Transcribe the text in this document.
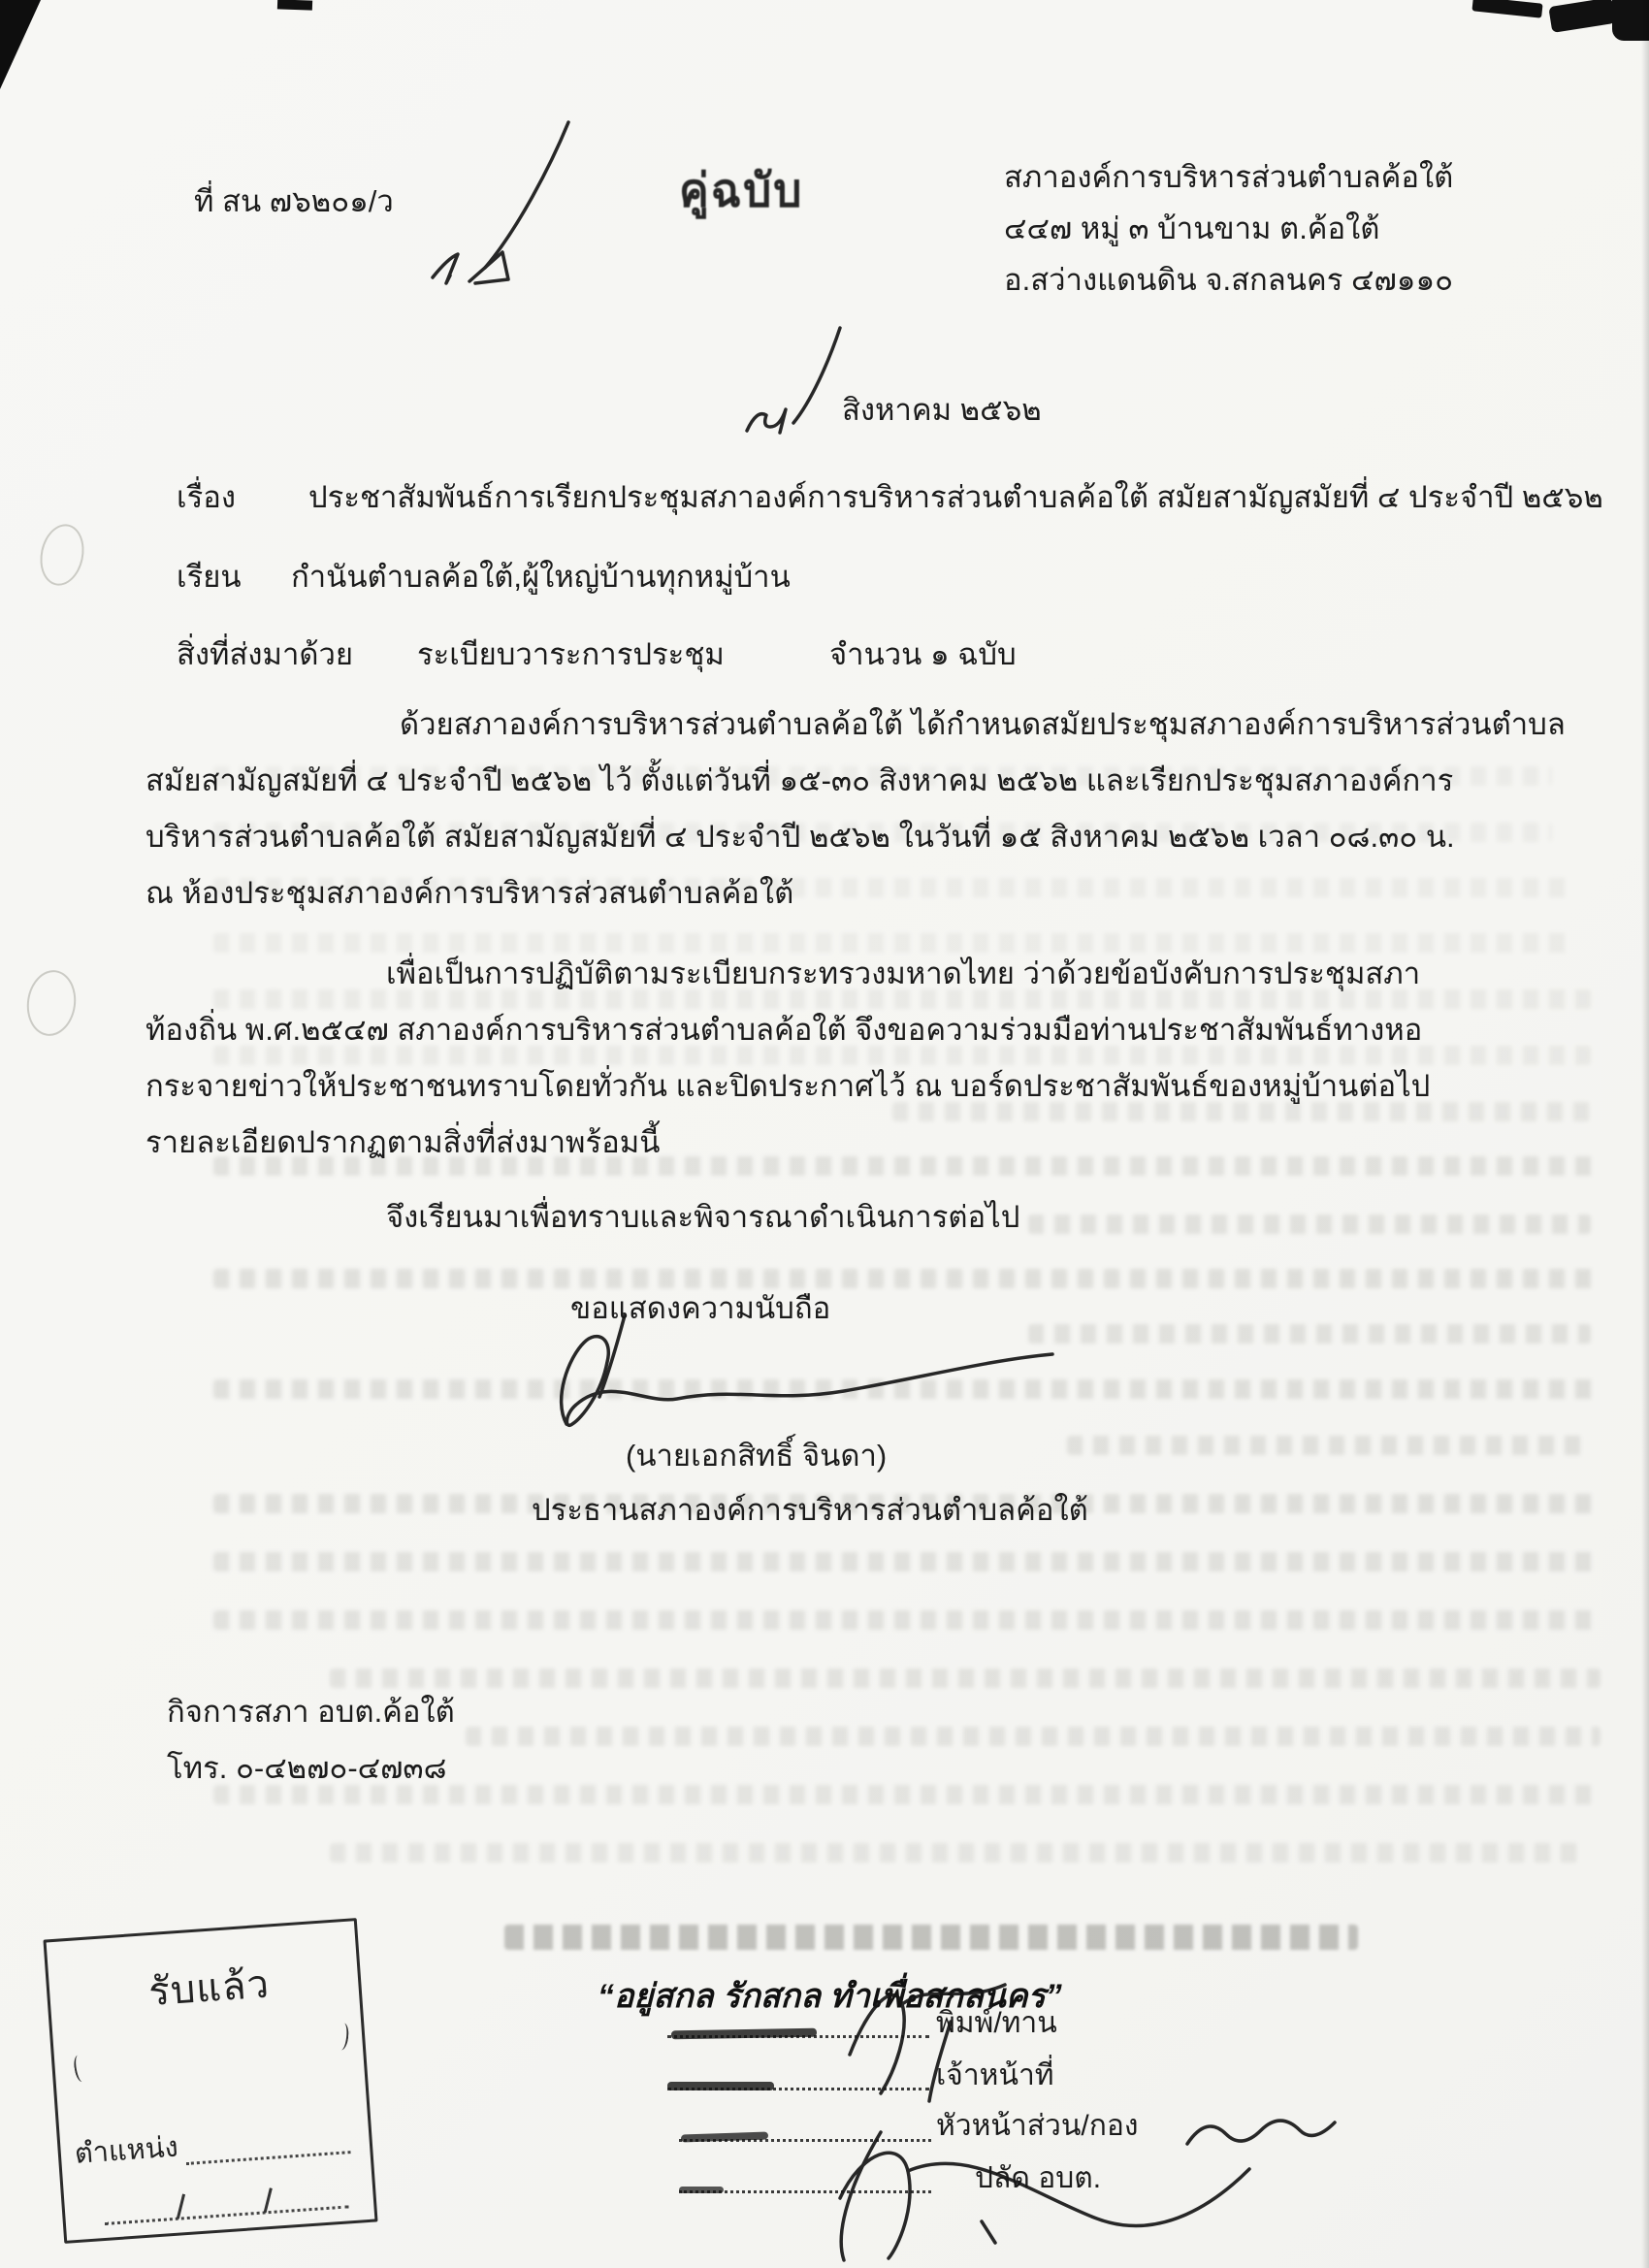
ที่ สน ๗๖๒๐๑/ว	คู่ฉบับ	สภาองค์การบริหารส่วนตำบลค้อใต้
๔๔๗ หมู่ ๓ บ้านขาม ต.ค้อใต้
อ.สว่างแดนดิน จ.สกลนคร ๔๗๑๑๐
สิงหาคม ๒๕๖๒
เรื่อง ประชาสัมพันธ์การเรียกประชุมสภาองค์การบริหารส่วนตำบลค้อใต้ สมัยสามัญสมัยที่ ๔ ประจำปี ๒๕๖๒
เรียน กำนันตำบลค้อใต้,ผู้ใหญ่บ้านทุกหมู่บ้าน
สิ่งที่ส่งมาด้วย ระเบียบวาระการประชุม	จำนวน ๑ ฉบับ
ด้วยสภาองค์การบริหารส่วนตำบลค้อใต้ ได้กำหนดสมัยประชุมสภาองค์การบริหารส่วนตำบล
สมัยสามัญสมัยที่ ๔ ประจำปี ๒๕๖๒ ไว้ ตั้งแต่วันที่ ๑๕-๓๐ สิงหาคม ๒๕๖๒ และเรียกประชุมสภาองค์การ
บริหารส่วนตำบลค้อใต้ สมัยสามัญสมัยที่ ๔ ประจำปี ๒๕๖๒ ในวันที่ ๑๕ สิงหาคม ๒๕๖๒ เวลา ๐๘.๓๐ น.
ณ ห้องประชุมสภาองค์การบริหารส่วสนตำบลค้อใต้
เพื่อเป็นการปฏิบัติตามระเบียบกระทรวงมหาดไทย ว่าด้วยข้อบังคับการประชุมสภา
ท้องถิ่น พ.ศ.๒๕๔๗ สภาองค์การบริหารส่วนตำบลค้อใต้ จึงขอความร่วมมือท่านประชาสัมพันธ์ทางหอ
กระจายข่าวให้ประชาชนทราบโดยทั่วกัน และปิดประกาศไว้ ณ บอร์ดประชาสัมพันธ์ของหมู่บ้านต่อไป
รายละเอียดปรากฏตามสิ่งที่ส่งมาพร้อมนี้
จึงเรียนมาเพื่อทราบและพิจารณาดำเนินการต่อไป
ขอแสดงความนับถือ
(นายเอกสิทธิ์ จินดา)
ประธานสภาองค์การบริหารส่วนตำบลค้อใต้
กิจการสภา อบต.ค้อใต้
โทร. ๐-๔๒๗๐-๔๗๓๘
“อยู่สกล รักสกล ทำเพื่อสกลนคร”
รับแล้ว
ตำแหน่ง
พิมพ์/ทาน
เจ้าหน้าที่
หัวหน้าส่วน/กอง
ปลัด อบต.
